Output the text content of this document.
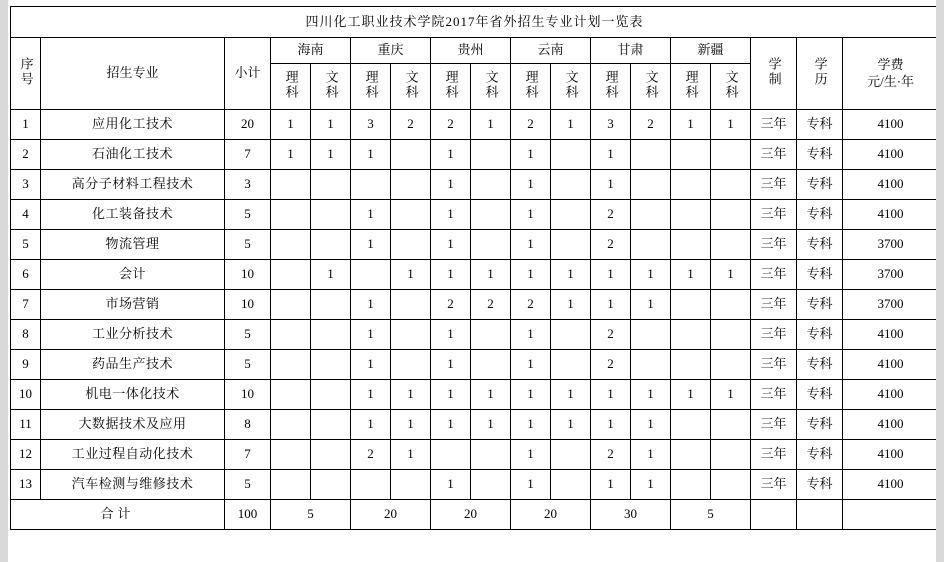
四川化工职业技术学院2017年省外招生专业计划一览表																	
序号	招生专业	小计	海南		重庆		贵州		云南		甘肃		新疆		学制	学历	学费
元/生·年

			理科	文科	理科	文科	理科	文科	理科	文科	理科	文科	理科	文科			
1	应用化工技术	20	1	1	3	2	2	1	2	1	3	2	1	1	三年	专科	4100
2	石油化工技术	7	1	1	1		1		1		1				三年	专科	4100
3	高分子材料工程技术	3					1		1		1				三年	专科	4100
4	化工装备技术	5			1		1		1		2				三年	专科	4100
5	物流管理	5			1		1		1		2				三年	专科	3700
6	会计	10		1		1	1	1	1	1	1	1	1	1	三年	专科	3700
7	市场营销	10			1		2	2	2	1	1	1			三年	专科	3700
8	工业分析技术	5			1		1		1		2				三年	专科	4100
9	药品生产技术	5			1		1		1		2				三年	专科	4100
10	机电一体化技术	10			1	1	1	1	1	1	1	1	1	1	三年	专科	4100
11	大数据技术及应用	8			1	1	1	1	1	1	1	1			三年	专科	4100
12	工业过程自动化技术	7			2	1			1		2	1			三年	专科	4100
13	汽车检测与维修技术	5					1		1		1	1			三年	专科	4100
合计		100	5		20		20		20		30		5				
